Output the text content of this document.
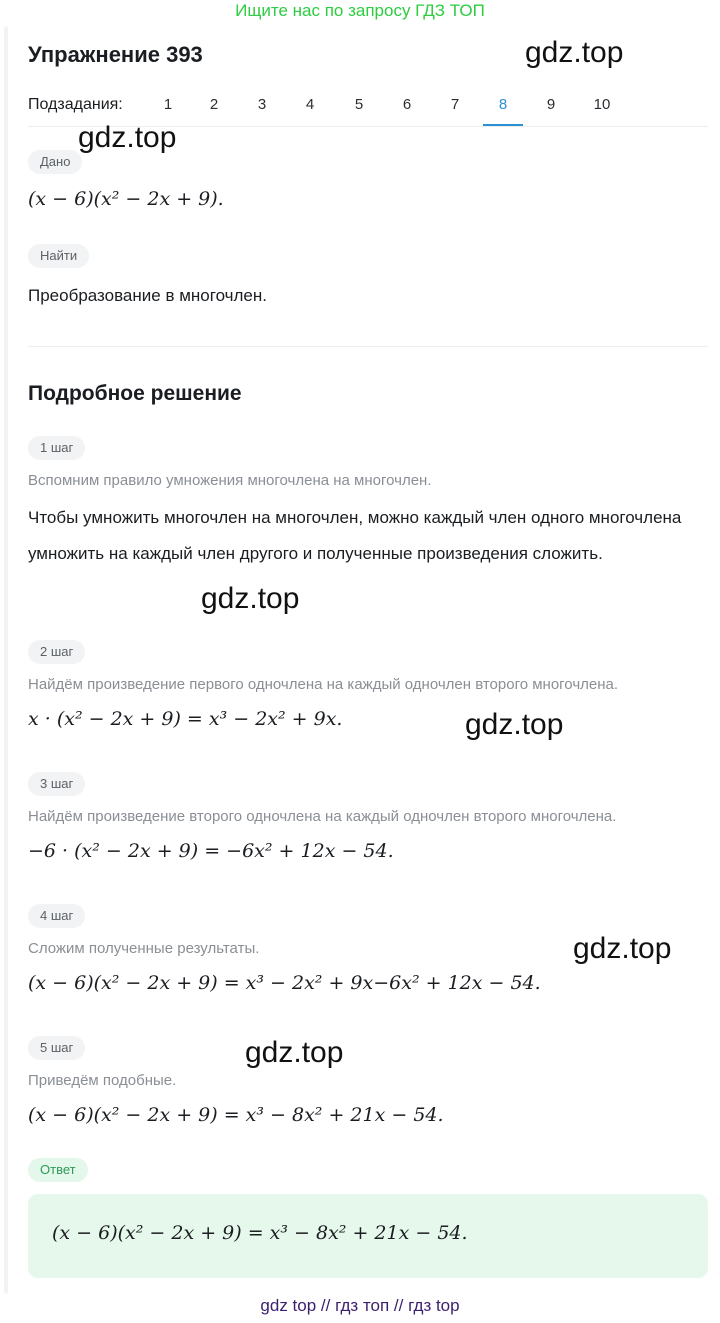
Ищите нас по запросу ГДЗ ТОП
Упражнение 393
Подзадания:	1	2	3	4	5	6	7	8	9	10
Дано
(x − 6)(x² − 2x + 9).
Найти
Преобразование в многочлен.
Подробное решение
1 шаг
Вспомним правило умножения многочлена на многочлен.
Чтобы умножить многочлен на многочлен, можно каждый член одного многочлена умножить на каждый член другого и полученные произведения сложить.
2 шаг
Найдём произведение первого одночлена на каждый одночлен второго многочлена.
x · (x² − 2x + 9) = x³ − 2x² + 9x.
3 шаг
Найдём произведение второго одночлена на каждый одночлен второго многочлена.
−6 · (x² − 2x + 9) = −6x² + 12x − 54.
4 шаг
Сложим полученные результаты.
(x − 6)(x² − 2x + 9) = x³ − 2x² + 9x−6x² + 12x − 54.
5 шаг
Приведём подобные.
(x − 6)(x² − 2x + 9) = x³ − 8x² + 21x − 54.
Ответ
(x − 6)(x² − 2x + 9) = x³ − 8x² + 21x − 54.
gdz.top
gdz.top
gdz.top
gdz.top
gdz.top
gdz.top
gdz top // гдз топ // гдз top
